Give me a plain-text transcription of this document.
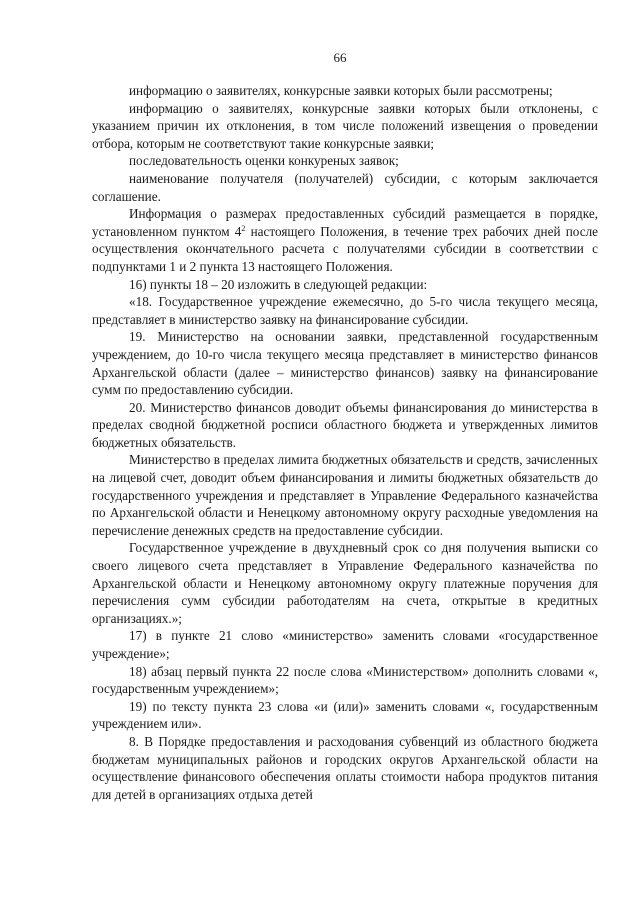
66

информацию о заявителях, конкурсные заявки которых были рассмотрены;

информацию о заявителях, конкурсные заявки которых были отклонены, с указанием причин их отклонения, в том числе положений извещения о проведении отбора, которым не соответствуют такие конкурсные заявки;

последовательность оценки конкуреных заявок;

наименование получателя (получателей) субсидии, с которым заключается соглашение.

Информация о размерах предоставленных субсидий размещается в порядке, установленном пунктом $4^2$ настоящего Положения, в течение трех рабочих дней после осуществления окончательного расчета с получателями субсидии в соответствии с подпунктами 1 и 2 пункта 13 настоящего Положения.

16) пункты 18 – 20 изложить в следующей редакции:

«18. Государственное учреждение ежемесячно, до 5-го числа текущего месяца, представляет в министерство заявку на финансирование субсидии.

19. Министерство на основании заявки, представленной государственным учреждением, до 10-го числа текущего месяца представляет в министерство финансов Архангельской области (далее – министерство финансов) заявку на финансирование сумм по предоставлению субсидии.

20. Министерство финансов доводит объемы финансирования до министерства в пределах сводной бюджетной росписи областного бюджета и утвержденных лимитов бюджетных обязательств.

Министерство в пределах лимита бюджетных обязательств и средств, зачисленных на лицевой счет, доводит объем финансирования и лимиты бюджетных обязательств до государственного учреждения и представляет в Управление Федерального казначейства по Архангельской области и Ненецкому автономному округу расходные уведомления на перечисление денежных средств на предоставление субсидии.

Государственное учреждение в двухдневный срок со дня получения выписки со своего лицевого счета представляет в Управление Федерального казначейства по Архангельской области и Ненецкому автономному округу платежные поручения для перечисления сумм субсидии работодателям на счета, открытые в кредитных организациях.»;

17) в пункте 21 слово «министерство» заменить словами «государственное учреждение»;

18) абзац первый пункта 22 после слова «Министерством» дополнить словами «, государственным учреждением»;

19) по тексту пункта 23 слова «и (или)» заменить словами «, государственным учреждением или».

8. В Порядке предоставления и расходования субвенций из областного бюджета бюджетам муниципальных районов и городских округов Архангельской области на осуществление финансового обеспечения оплаты стоимости набора продуктов питания для детей в организациях отдыха детей
